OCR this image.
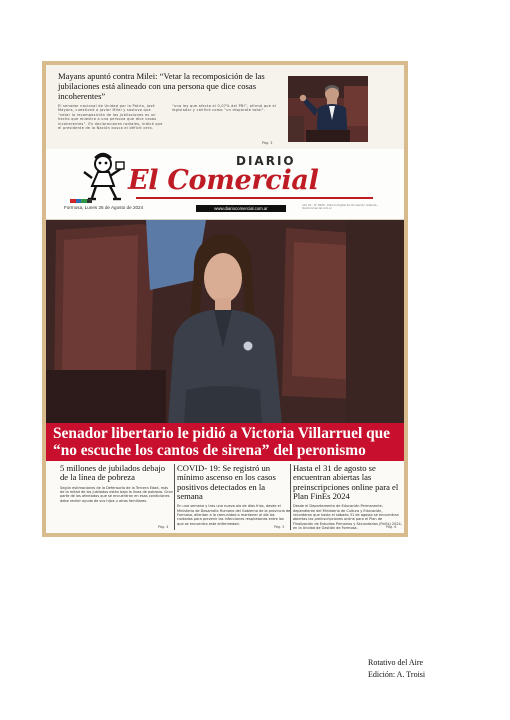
Mayans apuntó contra Milei: “Vetar la recomposición de las jubilaciones está alineado con una persona que dice cosas incoherentes”
El senador nacional de Unidad por la Patria, José Mayans, cuestionó a Javier Milei y sostuvo que “vetar la recomposición de las jubilaciones es un hecho que muestra a una persona que dice cosas incoherentes”. En declaraciones radiales, indicó que el presidente de la Nación busca el déficit cero.
“una ley que afecta el 0,07% del PBI”, afirmó que el legislador y calificó como “un disparate total”.
Pág. 3
DIARIO
El Comercial
Formosa, Lunes 26 de Agosto de 2024	www.diariocomercial.com.ar
Año XX - N° 0000 - Edición Digital de Circulación Gratuita - diariocomercial.com.ar
Senador libertario le pidió a Victoria Villarruel que
“no escuche los cantos de sirena” del peronismo
5 millones de jubilados debajo de la línea de pobreza
Según estimaciones de la Defensoría de la Tercera Edad, más de la mitad de los jubilados están bajo la línea de pobreza. Gran parte de los afectados que se encuentran en esas condiciones debe recibir ayuda de sus hijos u otros familiares.
Pág. 4
COVID- 19: Se registró un mínimo ascenso en los casos positivos detectados en la semana
En una semana y tras una nueva ola de días frios, desde el Ministerio de Desarrollo Humano del Gobierno de la provincia de Formosa, alientan a la comunidad a mantener al día los cuidados para prevenir las infecciones respiratorias entre los que se encuentra este enfermedad.
Pág. 5
Hasta el 31 de agosto se encuentran abiertas las preinscripciones online para el Plan FinEs 2024
Desde el Departamento de Educación Permanente, dependiente del Ministerio de Cultura y Educación, recordaron que hasta el sábado 31 de agosto se encuentran abiertas las preinscripciones online para el Plan de Finalización de Estudios Primarios y Secundarios (FinEs) 2024, en la Unidad de Gestión de Formosa.	Pág. 6
Rotativo del Aire
Edición: A. Troisi
